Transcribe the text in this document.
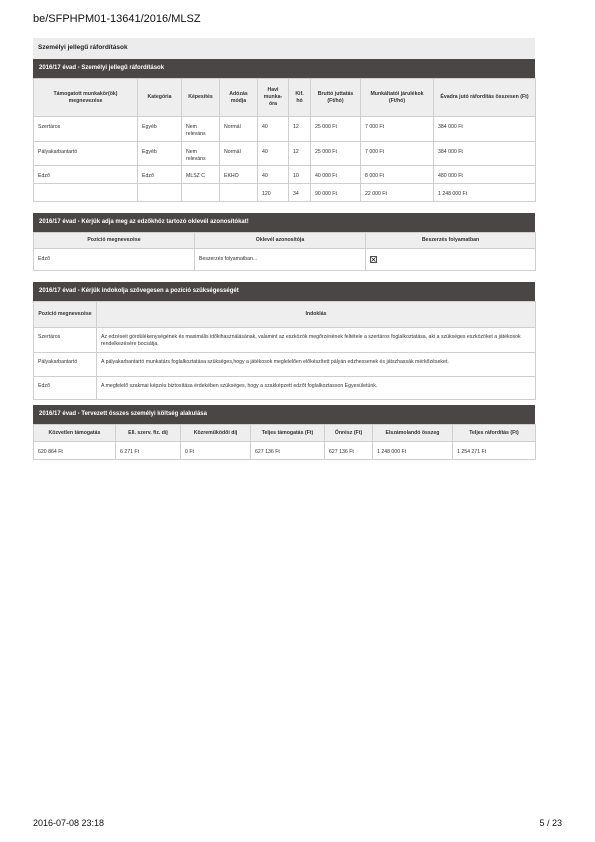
be/SFPHPM01-13641/2016/MLSZ
Személyi jellegű ráfordítások
2016/17 évad - Személyi jellegű ráfordítások
Támogatott munkakör(ök) megnevezése	Kategória	Képesítés	Adózás módja	Havi munka-óra	Kif. hó	Bruttó juttatás (Ft/hó)	Munkáltatói járulékok (Ft/hó)	Évadra jutó ráfordítás összesen (Ft)
Szertáros	Egyéb	Nem releváns	Normál	40	12	25 000 Ft	7 000 Ft	384 000 Ft
Pályakarbantartó	Egyéb	Nem releváns	Normál	40	12	25 000 Ft	7 000 Ft	384 000 Ft
Edző	Edző	MLSZ C	EKHO	40	10	40 000 Ft	8 000 Ft	480 000 Ft
				120	34	90 000 Ft	22 000 Ft	1 248 000 Ft
2016/17 évad - Kérjük adja meg az edzőkhöz tartozó oklevél azonosítókat!
Pozíció megnevezése	Oklevél azonosítója	Beszerzés folyamatban
Edző	Beszerzés folyamatban...	
2016/17 évad - Kérjük indokolja szövegesen a pozíció szükségességét
Pozíció megnevezése	Indoklás
Szertáros	Az edzéseit gördülékenységének és maximális időkihasználásának, valamint az eszközök megőrzésének feltétele a szertáros foglalkoztatása, aki a szükséges eszközöket a játékosok rendelkezésére bocsátja.
Pályakarbantartó	A pályakarbantartó munkatárs foglalkoztatása szükséges,hogy a játékosok meglelelően előkészített pályán edzhessenek és játszhassák mérkőzéseket.
Edző	A megfelelő szakmai képzés biztosítása érdekében szükséges, hogy a szakképzett edzőt foglalkoztasson Egyesületünk.
2016/17 évad - Tervezett összes személyi költség alakulása
Közvetlen támogatás	Ell. szerv. fiz. díj	Közreműködői díj	Teljes támogatás (Ft)	Önrész (Ft)	Elszámolandó összeg	Teljes ráfordítás (Ft)
620 864 Ft	6 271 Ft	0 Ft	627 136 Ft	627 136 Ft	1 248 000 Ft	1 254 271 Ft
2016-07-08 23:18	5 / 23
